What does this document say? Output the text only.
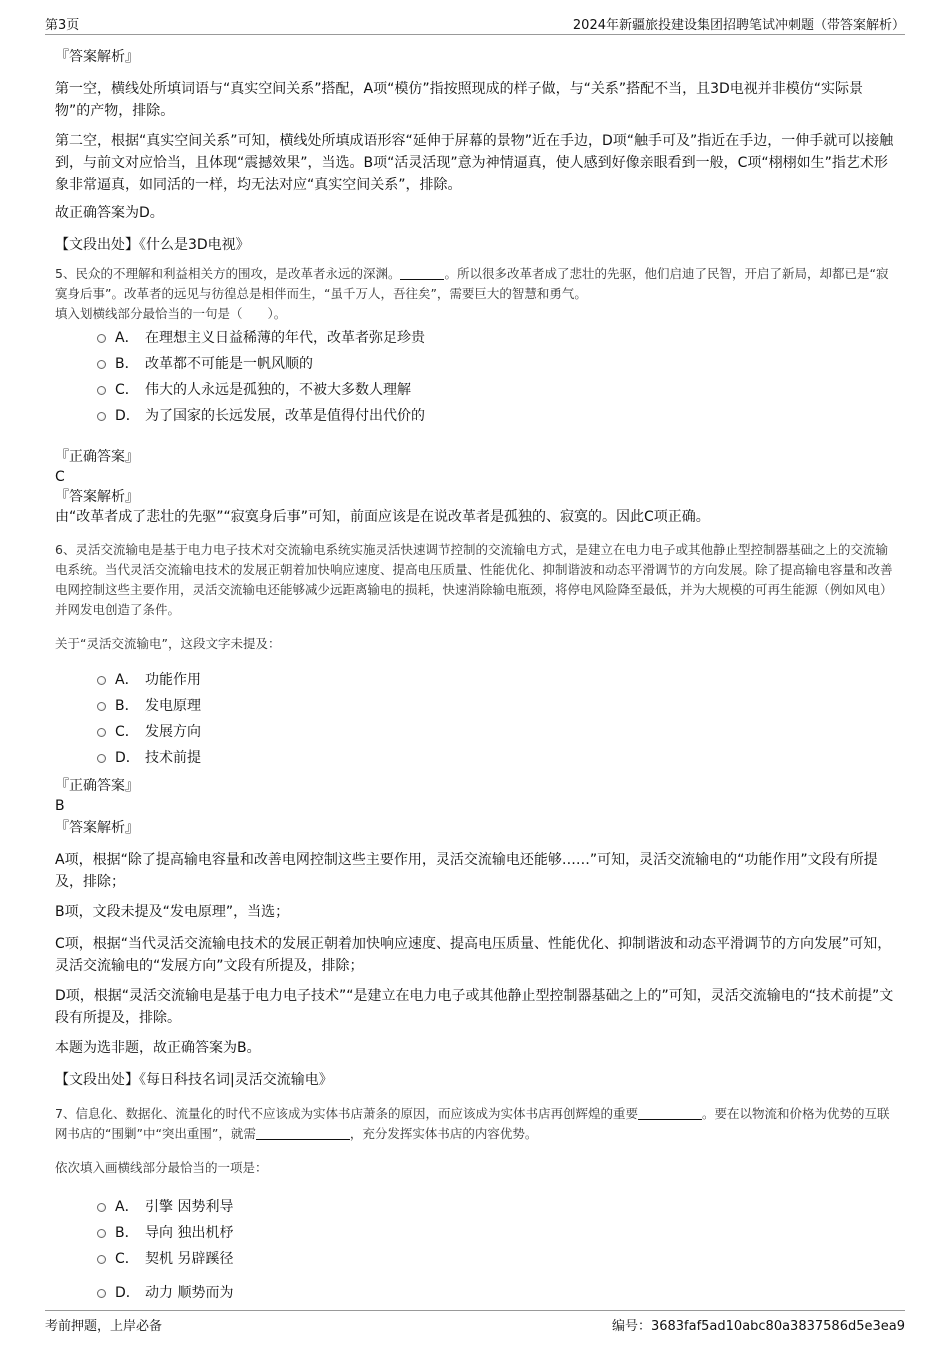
第3页	2024年新疆旅投建设集团招聘笔试冲刺题（带答案解析）

『答案解析』

第一空，横线处所填词语与“真实空间关系”搭配，A项“模仿”指按照现成的样子做，与“关系”搭配不当，且3D电视并非模仿“实际景物”的产物，排除。

第二空，根据“真实空间关系”可知，横线处所填成语形容“延伸于屏幕的景物”近在手边，D项“触手可及”指近在手边，一伸手就可以接触到，与前文对应恰当，且体现“震撼效果”，当选。B项“活灵活现”意为神情逼真，使人感到好像亲眼看到一般，C项“栩栩如生”指艺术形象非常逼真，如同活的一样，均无法对应“真实空间关系”，排除。

故正确答案为D。

【文段出处】《什么是3D电视》

5、民众的不理解和利益相关方的围攻，是改革者永远的深渊。	。所以很多改革者成了悲壮的先驱，他们启迪了民智，开启了新局，却都已是“寂寞身后事”。改革者的远见与彷徨总是相伴而生，“虽千万人，吾往矣”，需要巨大的智慧和勇气。

填入划横线部分最恰当的一句是（　　）。

A． 在理想主义日益稀薄的年代，改革者弥足珍贵
B． 改革都不可能是一帆风顺的
C． 伟大的人永远是孤独的，不被大多数人理解
D． 为了国家的长远发展，改革是值得付出代价的

『正确答案』

C

『答案解析』

由“改革者成了悲壮的先驱”“寂寞身后事”可知，前面应该是在说改革者是孤独的、寂寞的。因此C项正确。

6、灵活交流输电是基于电力电子技术对交流输电系统实施灵活快速调节控制的交流输电方式，是建立在电力电子或其他静止型控制器基础之上的交流输电系统。当代灵活交流输电技术的发展正朝着加快响应速度、提高电压质量、性能优化、抑制谐波和动态平滑调节的方向发展。除了提高输电容量和改善电网控制这些主要作用，灵活交流输电还能够减少远距离输电的损耗，快速消除输电瓶颈，将停电风险降至最低，并为大规模的可再生能源（例如风电）并网发电创造了条件。

关于“灵活交流输电”，这段文字未提及：

A． 功能作用
B． 发电原理
C． 发展方向
D． 技术前提

『正确答案』

B

『答案解析』

A项，根据“除了提高输电容量和改善电网控制这些主要作用，灵活交流输电还能够……”可知，灵活交流输电的“功能作用”文段有所提及，排除；

B项，文段未提及“发电原理”，当选；

C项，根据“当代灵活交流输电技术的发展正朝着加快响应速度、提高电压质量、性能优化、抑制谐波和动态平滑调节的方向发展”可知，灵活交流输电的“发展方向”文段有所提及，排除；

D项，根据“灵活交流输电是基于电力电子技术”“是建立在电力电子或其他静止型控制器基础之上的”可知，灵活交流输电的“技术前提”文段有所提及，排除。

本题为选非题，故正确答案为B。

【文段出处】《每日科技名词|灵活交流输电》

7、信息化、数据化、流量化的时代不应该成为实体书店萧条的原因，而应该成为实体书店再创辉煌的重要	。要在以物流和价格为优势的互联网书店的“围剿”中“突出重围”，就需	，充分发挥实体书店的内容优势。

依次填入画横线部分最恰当的一项是：

A． 引擎 因势利导
B． 导向 独出机杼
C． 契机 另辟蹊径
D． 动力 顺势而为
考前押题，上岸必备	编号：3683faf5ad10abc80a3837586d5e3ea9
